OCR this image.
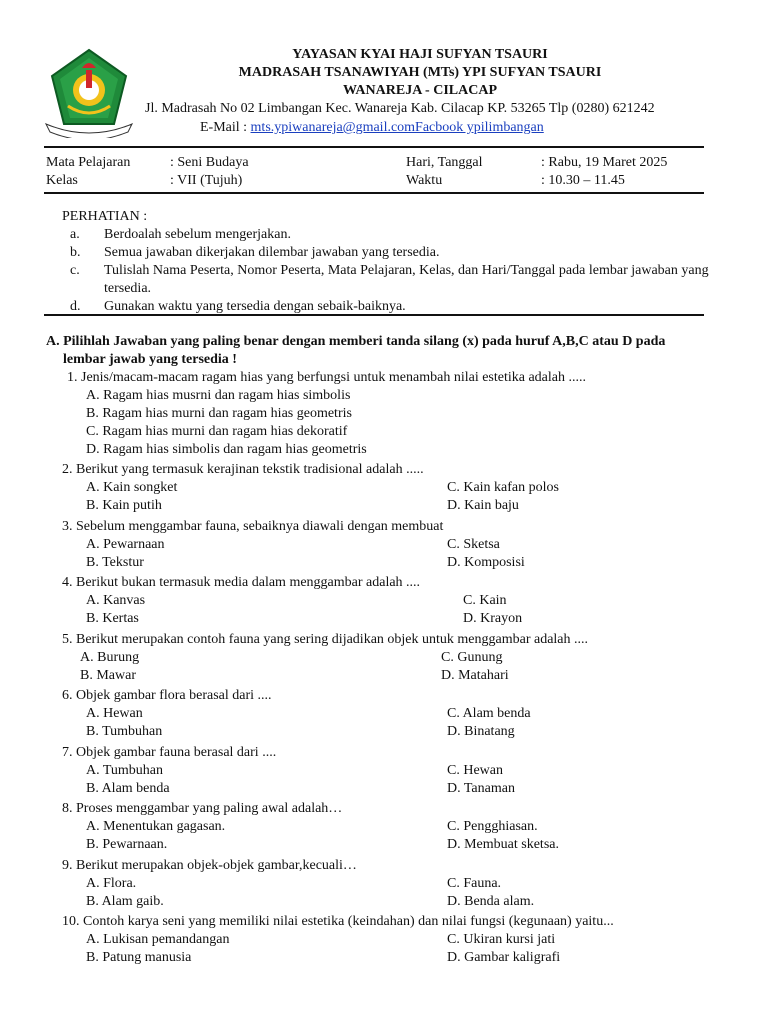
YAYASAN KYAI HAJI SUFYAN TSAURI
MADRASAH TSANAWIYAH (MTs) YPI SUFYAN TSAURI
WANAREJA - CILACAP
Jl. Madrasah No 02 Limbangan Kec. Wanareja Kab. Cilacap KP. 53265 Tlp (0280) 621242
E-Mail : mts.ypiwanareja@gmail.comFacbook ypilimbangan
Mata Pelajaran	: Seni Budaya	Hari, Tanggal	: Rabu, 19 Maret 2025
Kelas	: VII (Tujuh)	Waktu	: 10.30 – 11.45
PERHATIAN :
a. Berdoalah sebelum mengerjakan.
b. Semua jawaban dikerjakan dilembar jawaban yang tersedia.
c. Tulislah Nama Peserta, Nomor Peserta, Mata Pelajaran, Kelas, dan Hari/Tanggal pada lembar jawaban yang tersedia.
d. Gunakan waktu yang tersedia dengan sebaik-baiknya.
A. Pilihlah Jawaban yang paling benar dengan memberi tanda silang (x) pada huruf A,B,C atau D pada
lembar jawab yang tersedia !
1. Jenis/macam-macam ragam hias yang berfungsi untuk menambah nilai estetika adalah .....
A. Ragam hias musrni dan ragam hias simbolis
B. Ragam hias murni dan ragam hias geometris
C. Ragam hias murni dan ragam hias dekoratif
D. Ragam hias simbolis dan ragam hias geometris
2. Berikut yang termasuk kerajinan tekstik tradisional adalah .....
A. Kain songket
B. Kain putih
C. Kain kafan polos
D. Kain baju
3. Sebelum menggambar fauna, sebaiknya diawali dengan membuat
A. Pewarnaan
B. Tekstur
C. Sketsa
D. Komposisi
4. Berikut bukan termasuk media dalam menggambar adalah ....
A. Kanvas
B. Kertas
C. Kain
D. Krayon
5. Berikut merupakan contoh fauna yang sering dijadikan objek untuk menggambar adalah ....
A. Burung
B. Mawar
C. Gunung
D. Matahari
6. Objek gambar flora berasal dari ....
A. Hewan
B. Tumbuhan
C. Alam benda
D. Binatang
7. Objek gambar fauna berasal dari ....
A. Tumbuhan
B. Alam benda
C. Hewan
D. Tanaman
8. Proses menggambar yang paling awal adalah…
A. Menentukan gagasan.
B. Pewarnaan.
C. Pengghiasan.
D. Membuat sketsa.
9. Berikut merupakan objek-objek gambar,kecuali…
A. Flora.
B. Alam gaib.
C. Fauna.
D. Benda alam.
10. Contoh karya seni yang memiliki nilai estetika (keindahan) dan nilai fungsi (kegunaan) yaitu...
A. Lukisan pemandangan
B. Patung manusia
C. Ukiran kursi jati
D. Gambar kaligrafi
